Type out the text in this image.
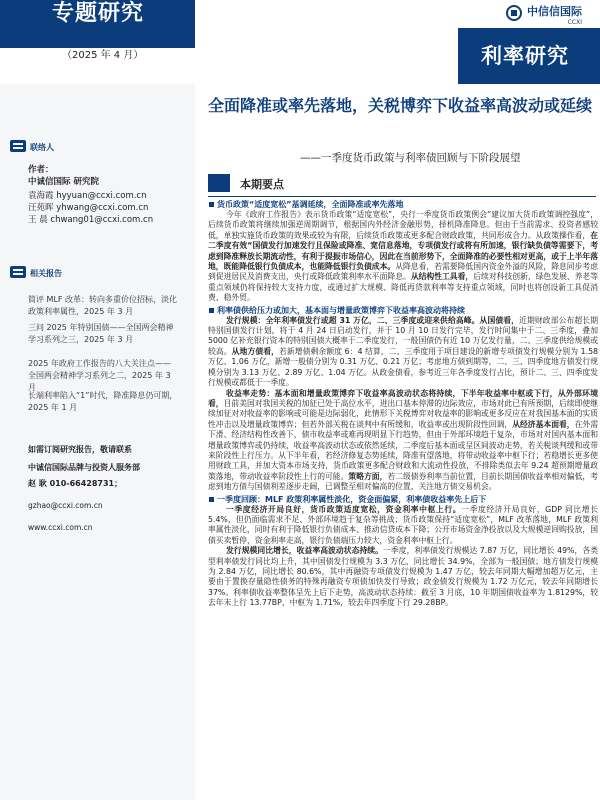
专题研究
（2025 年 4 月）
中信信国际
CCXI
利率研究
联络人
作者：
中诚信国际 研究院
袁海霞 hyyuan@ccxi.com.cn
汪苑晖 yhwang@ccxi.com.cn
王 晨 chwang01@ccxi.com.cn
相关报告
简评 MLF 改革：转向多重价位招标，淡化政策利率属性，2025 年 3 月
三问 2025 年特别国债——全国两会精神学习系列之三，2025 年 3 月
2025 年政府工作报告的八大关注点——全国两会精神学习系列之二，2025 年 3 月
长端利率陷入“1”时代，降准降息仍可期，2025 年 1 月
如需订阅研究报告，敬请联系
中诚信国际品牌与投资人服务部
赵 耿 010-66428731；
gzhao@ccxi.com.cn
www.ccxi.com.cn
全面降准或率先落地，关税博弈下收益率高波动或延续
——一季度货币政策与利率债回顾与下阶段展望
本期要点
货币政策“适度宽松”基调延续，全面降准或率先落地
今年《政府工作报告》表示货币政策“适度宽松”，央行一季度货币政策例会“建议加大货币政策调控强度”，后续货币政策将继续加强逆周期调节，根据国内外经济金融形势，择机降准降息。但由于当前需求、投资者感较低，单独实施货币政策的效果或较为有限，后续货币政策或更多配合财政政策，共同形成合力。从政策操作看，在二季度有效“国债发行加速发行且保险或降准、宽信息落地，专项债发行或将有所加速，银行缺负债等需要下，考虑到降准释放长期流动性，有利于提振市场信心，因此在当前形势下，全面降准的必要性相对更高，或于上半年落地，既能降低银行负债成本，也能降低银行负债成本。从降息看，若需要降低国内资金外溢的风险，降息同步考虑到促进居民及消费支出，央行或降低政策利率水平面降息。从结构性工具看，后续对科技创新、绿色发展、养老等重点领域仍将保持较大支持力度，或通过扩大规模、降低再贷款利率等支持重点领域，同时也将创设新工具促消费、稳外贸。
利率债供给压力或加大，基本面与增量政策博弈下收益率高波动将持续
发行规模：全年利率债发行或超 31 万亿，二、三季度或迎来供给高峰。从国债看，近期财政部公布超长期特别国债发行计划，将于 4 月 24 日启动发行，并于 10 月 10 日发行完毕，发行时间集中于二、三季度，叠加 5000 亿补充银行资本的特别国债大概率于二季度发行，一般国债仍有近 10 万亿发行量，二、三季度供给规模或较高。从地方债看，若新增债剩余额度 6：4 结算，二、三季度用于项目建设的新增专项债发行规模分别为 1.58 万亿、1.06 万亿，新增一般债分别为 0.31 万亿、0.21 万亿；考虑地方债到期等，二、三、四季度地方债发行规模分别为 3.13 万亿、2.89 万亿、1.04 万亿。从政金债看，参考近三年各季度发行占比，预计二、三、四季度发行规模或都低于一季度。
收益率走势：基本面和增量政策博弈下收益率高波动状态将持续，下半年收益率中枢或下行，从外部环境看，目前美国对我国关税的加征已处于高位水平，进出口基本停滞的边际效应，市场对此已有所预期，后续即使继续加征对对收益率的影响或可能是边际弱化，此情形下关税博弈对收益率的影响或更多反应在对我国基本面的实质性冲击以及增量政策博弈；但若外部关税在谈判中有所缓和，收益率或出现阶段性回调，从经济基本面看，在外需下滑、经济结构性改善下，债市收益率或难再现明显下行趋势，但由于外部环境趋于复杂，市场对对国内基本面和增量政策博弈或仍持续，收益率高波动状态或依然延续，二季度后基本面或呈区间波动走势，若关税谈判缓和或带来阶段性上行压力。从下半年看，若经济修复态势延续，降准有望落地，将带动收益率中枢下行；若稳增长更多使用财政工具，并加大资本市场支持，货币政策更多配合财政和大流动性投放，不排除类似去年 9.24 超预期增量政策落地，带动收益率阶段性上行的可能。策略方面，若二级债券利率当前位置，目前长期国债收益率相对偏低，考虑到地方债与国债利差逐步走阔，已调整至相对偏高的位置，关注地方债交易机会。
一季度回顾：MLF 政策利率属性淡化，资金面偏紧，利率债收益率先上后下
一季度经济开局良好，货币政策适度宽松，资金利率中枢上行。一季度经济开局良好，GDP 同比增长 5.4%，但仍面临需求不足、外部环境趋于复杂等挑战；货币政策保持“适度宽松”，MLF 改革落地，MLF 政策利率属性淡化，同时有利于降低银行负债成本、推动信贷成本下降；公开市场资金净投放以及大规模逆回购投放，国债买卖暂停，资金利率走高，银行负债端压力较大，资金利率中枢上行。
发行规模同比增长，收益率高波动状态持续。一季度，利率债发行规模达 7.87 万亿，同比增长 49%，各类型利率债发行同比均上升，其中国债发行规模为 3.3 万亿，同比增长 34.9%，全部为一般国债；地方债发行规模为 2.84 万亿，同比增长 80.6%，其中再融资专项债发行规模为 1.47 万亿，较去年同期大幅增加超万亿元，主要由于置换存量隐性债务的特殊再融资专项债加快发行导致；政金债发行规模为 1.72 万亿元，较去年同期增长 37%。利率债收益率整体呈先上后下走势，高波动状态持续：截至 3 月底，10 年期国债收益率为 1.8129%，较去年末上行 13.77BP，中枢为 1.71%，较去年四季度下行 29.28BP。
